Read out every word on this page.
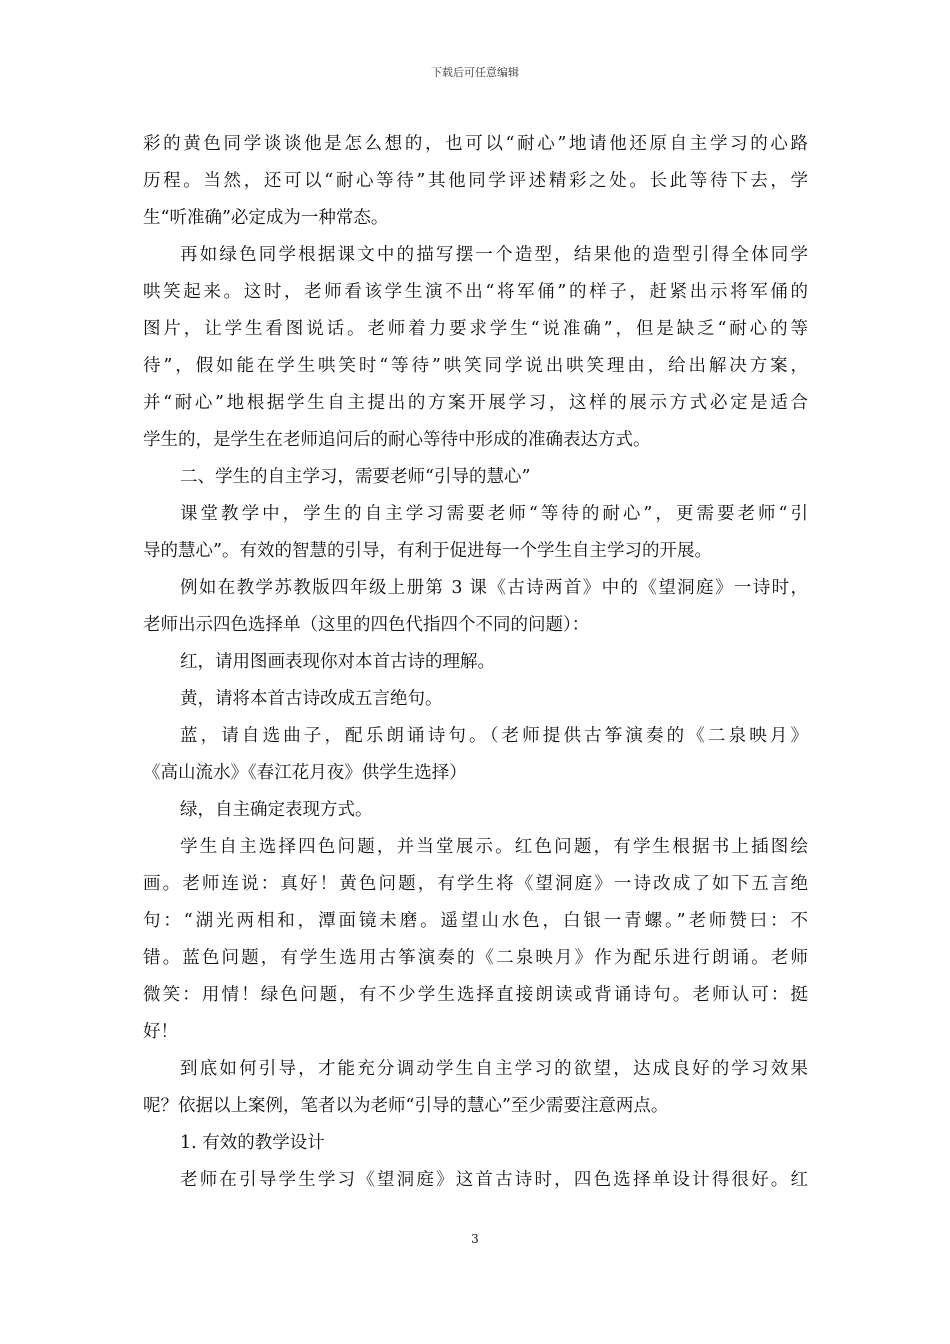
下载后可任意编辑
彩的黄色同学谈谈他是怎么想的，也可以“耐心”地请他还原自主学习的心路
历程。当然，还可以“耐心等待”其他同学评述精彩之处。长此等待下去，学
生“听准确”必定成为一种常态。
再如绿色同学根据课文中的描写摆一个造型，结果他的造型引得全体同学
哄笑起来。这时，老师看该学生演不出“将军俑”的样子，赶紧出示将军俑的
图片，让学生看图说话。老师着力要求学生“说准确”，但是缺乏“耐心的等
待”，假如能在学生哄笑时“等待”哄笑同学说出哄笑理由，给出解决方案，
并“耐心”地根据学生自主提出的方案开展学习，这样的展示方式必定是适合
学生的，是学生在老师追问后的耐心等待中形成的准确表达方式。
二、学生的自主学习，需要老师“引导的慧心”
课堂教学中，学生的自主学习需要老师“等待的耐心”，更需要老师“引
导的慧心”。有效的智慧的引导，有利于促进每一个学生自主学习的开展。
例如在教学苏教版四年级上册第 3 课《古诗两首》中的《望洞庭》一诗时，
老师出示四色选择单（这里的四色代指四个不同的问题）：
红，请用图画表现你对本首古诗的理解。
黄，请将本首古诗改成五言绝句。
蓝，请自选曲子，配乐朗诵诗句。（老师提供古筝演奏的《二泉映月》
《高山流水》《春江花月夜》供学生选择）
绿，自主确定表现方式。
学生自主选择四色问题，并当堂展示。红色问题，有学生根据书上插图绘
画。老师连说：真好！黄色问题，有学生将《望洞庭》一诗改成了如下五言绝
句：“湖光两相和，潭面镜未磨。遥望山水色，白银一青螺。”老师赞曰：不
错。蓝色问题，有学生选用古筝演奏的《二泉映月》作为配乐进行朗诵。老师
微笑：用情！绿色问题，有不少学生选择直接朗读或背诵诗句。老师认可：挺
好！
到底如何引导，才能充分调动学生自主学习的欲望，达成良好的学习效果
呢？依据以上案例，笔者以为老师“引导的慧心”至少需要注意两点。
1. 有效的教学设计
老师在引导学生学习《望洞庭》这首古诗时，四色选择单设计得很好。红
3
